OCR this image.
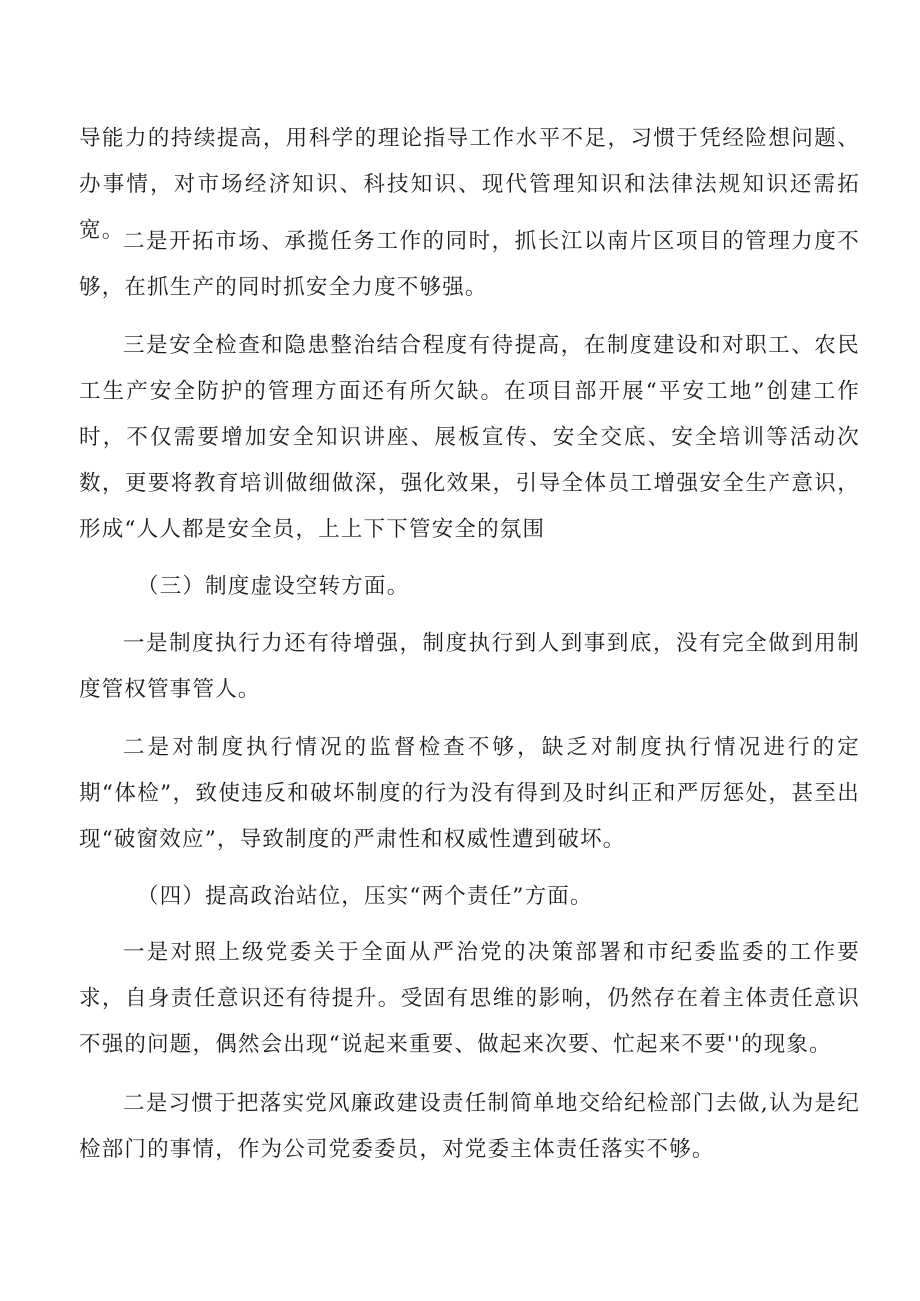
导能力的持续提高，用科学的理论指导工作水平不足，习惯于凭经险想问题、办事情，对市场经济知识、科技知识、现代管理知识和法律法规知识还需拓宽。

二是开拓市场、承揽任务工作的同时，抓长江以南片区项目的管理力度不够，在抓生产的同时抓安全力度不够强。

三是安全检查和隐患整治结合程度有待提高，在制度建设和对职工、农民工生产安全防护的管理方面还有所欠缺。在项目部开展“平安工地”创建工作时，不仅需要增加安全知识讲座、展板宣传、安全交底、安全培训等活动次数，更要将教育培训做细做深，强化效果，引导全体员工增强安全生产意识，形成“人人都是安全员，上上下下管安全的氛围

（三）制度虚设空转方面。

一是制度执行力还有待增强，制度执行到人到事到底，没有完全做到用制度管权管事管人。

二是对制度执行情况的监督检查不够，缺乏对制度执行情况进行的定期“体检”，致使违反和破坏制度的行为没有得到及时纠正和严厉惩处，甚至出现“破窗效应”，导致制度的严肃性和权威性遭到破坏。

（四）提高政治站位，压实“两个责任”方面。

一是对照上级党委关于全面从严治党的决策部署和市纪委监委的工作要求，自身责任意识还有待提升。受固有思维的影响，仍然存在着主体责任意识不强的问题，偶然会出现“说起来重要、做起来次要、忙起来不要''的现象。

二是习惯于把落实党风廉政建设责任制简单地交给纪检部门去做,认为是纪检部门的事情，作为公司党委委员，对党委主体责任落实不够。
